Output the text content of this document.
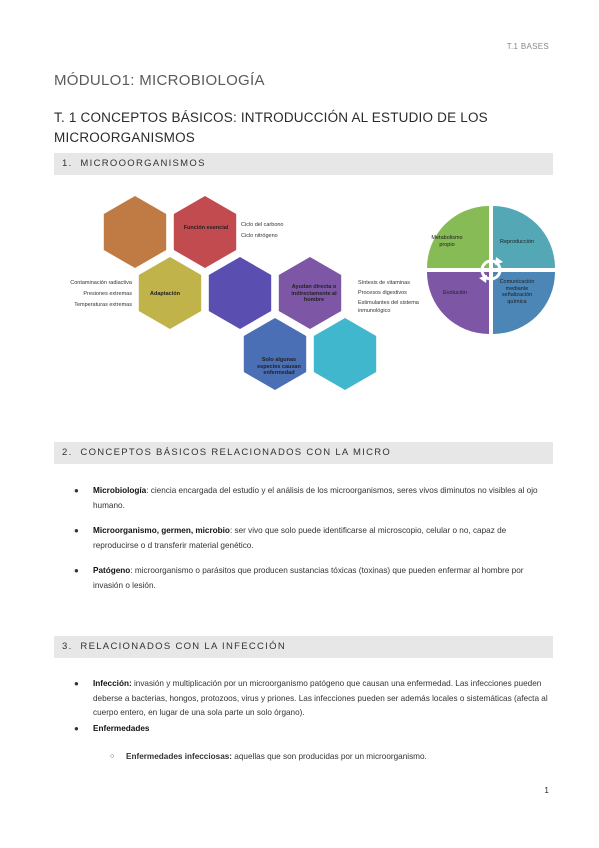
T.1 BASES
MÓDULO1: MICROBIOLOGÍA
T. 1 CONCEPTOS BÁSICOS: INTRODUCCIÓN AL ESTUDIO DE LOS MICROORGANISMOS
1. MICROOORGANISMOS
Función esencial
Adaptación
Ayudan directa o indirectamente al hombre
Solo algunas especies causan enfermedad
Ciclo del carbono
Ciclo nitrógeno
Contaminación radiactiva
Presiones extremas
Temperaturas extremas
Síntesis de vitaminas
Procesos digestivos
Estimulantes del sistema inmunológico
Metabolismo propio	Reproducción
Evolución
Comunicación mediante señalización química
2. CONCEPTOS BÁSICOS RELACIONADOS CON LA MICRO
● Microbiología: ciencia encargada del estudio y el análisis de los microorganismos, seres vivos diminutos no visibles al ojo humano.
● Microorganismo, germen, microbio: ser vivo que solo puede identificarse al microscopio, celular o no, capaz de reproducirse o d transferir material genético.
● Patógeno: microorganismo o parásitos que producen sustancias tóxicas (toxinas) que pueden enfermar al hombre por invasión o lesión.
3. RELACIONADOS CON LA INFECCIÓN
● Infección: invasión y multiplicación por un microorganismo patógeno que causan una enfermedad. Las infecciones pueden deberse a bacterias, hongos, protozoos, virus y priones. Las infecciones pueden ser además locales o sistemáticas (afecta al cuerpo entero, en lugar de una sola parte un solo órgano).
● Enfermedades
○ Enfermedades infecciosas: aquellas que son producidas por un microorganismo.
1
